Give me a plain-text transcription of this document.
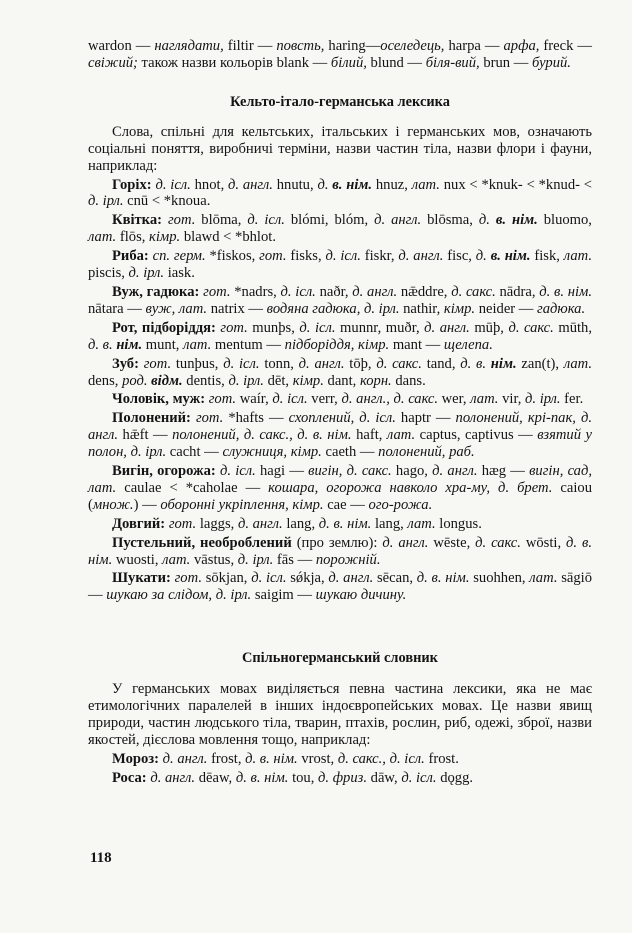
wardon — наглядати, filtir — повсть, haring—оселедець, harpa — арфа, freck — свіжий; також назви кольорів blank — білий, blund — біля-вий, brun — бурий.

Кельто-італо-германська лексика

Слова, спільні для кельтських, італьських і германських мов, означають соціальні поняття, виробничі терміни, назви частин тіла, назви флори і фауни, наприклад:

Горіх: д. ісл. hnot, д. англ. hnutu, д. в. нім. hnuz, лат. nux < *knuk- < *knud- < д. ірл. cnū < *knoua.

Квітка: гот. blōma, д. ісл. blómi, blóm, д. англ. blōsma, д. в. нім. bluomo, лат. flōs, кімр. blawd < *bhlot.

Риба: сп. герм. *fiskos, гот. fisks, д. ісл. fiskr, д. англ. fisc, д. в. нім. fisk, лат. piscis, д. ірл. iask.

Вуж, гадюка: гот. *nadrs, д. ісл. naðr, д. англ. nǣddre, д. сакс. nādra, д. в. нім. nātara — вуж, лат. natrix — водяна гадюка, д. ірл. nathir, кімр. neider — гадюка.

Рот, підборіддя: гот. munþs, д. ісл. munnr, muðr, д. англ. mūþ, д. сакс. mūth, д. в. нім. munt, лат. mentum — підборіддя, кімр. mant — щелепа.

Зуб: гот. tunþus, д. ісл. tonn, д. англ. tōþ, д. сакс. tand, д. в. нім. zan(t), лат. dens, род. відм. dentis, д. ірл. dēt, кімр. dant, корн. dans.

Чоловік, муж: гот. waír, д. ісл. verr, д. англ., д. сакс. wer, лат. vir, д. ірл. fer.

Полонений: гот. *hafts — схоплений, д. ісл. haptr — полонений, крі-пак, д. англ. hǣft — полонений, д. сакс., д. в. нім. haft, лат. captus, captivus — взятий у полон, д. ірл. cacht — служниця, кімр. caeth — полонений, раб.

Вигін, огорожа: д. ісл. hagi — вигін, д. сакс. hago, д. англ. hæg — вигін, сад, лат. caulae < *caholae — кошара, огорожа навколо хра-му, д. брет. caiou (множ.) — оборонні укріплення, кімр. cae — ого-рожа.

Довгий: гот. laggs, д. англ. lang, д. в. нім. lang, лат. longus.

Пустельний, необроблений (про землю): д. англ. wēste, д. сакс. wōsti, д. в. нім. wuosti, лат. vāstus, д. ірл. fās — порожній.

Шукати: гот. sōkjan, д. ісл. sǿkja, д. англ. sēcan, д. в. нім. suohhen, лат. sāgiō — шукаю за слідом, д. ірл. saigim — шукаю дичину.

Спільногерманський словник

У германських мовах виділяється певна частина лексики, яка не має етимологічних паралелей в інших індоєвропейських мовах. Це назви явищ природи, частин людського тіла, тварин, птахів, рослин, риб, одежі, зброї, назви якостей, дієслова мовлення тощо, наприклад:

Мороз: д. англ. frost, д. в. нім. vrost, д. сакс., д. ісл. frost.

Роса: д. англ. dēaw, д. в. нім. tou, д. фриз. dāw, д. ісл. dǫgg.

118
